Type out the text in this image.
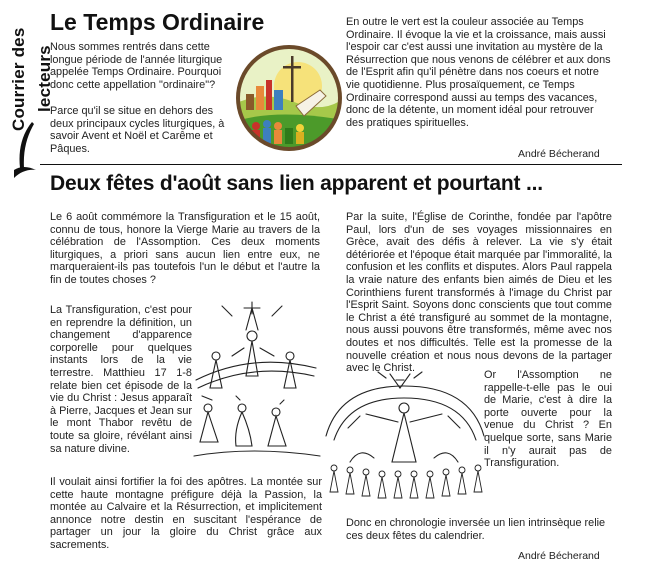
Courrier des lecteurs
Le Temps Ordinaire

Nous sommes rentrés dans cette longue période de l'année liturgique appelée Temps Ordinaire. Pourquoi donc cette appellation "ordinaire"?

Parce qu'il se situe en dehors des deux principaux cycles liturgiques, à savoir Avent et Noël et Carême et Pâques.

En outre le vert est la couleur associée au Temps Ordinaire. Il évoque la vie et la croissance, mais aussi l'espoir car c'est aussi une invitation au mystère de la Résurrection que nous venons de célébrer et aux dons de l'Esprit afin qu'il pénètre dans nos coeurs et notre vie quotidienne. Plus prosaïquement, ce Temps Ordinaire correspond aussi au temps des vacances, donc de la détente, un moment idéal pour retrouver des pratiques spirituelles.

André Bécherand
Deux fêtes d'août sans lien apparent et pourtant ...

Le 6 août commémore la Transfiguration et le 15 août, connu de tous, honore la Vierge Marie au travers de la célébration de l'Assomption. Ces deux moments liturgiques, a priori sans aucun lien entre eux, ne marqueraient-ils pas toutefois l'un le début et l'autre la fin de toutes choses ?

La Transfiguration, c'est pour en reprendre la définition, un changement d'apparence corporelle pour quelques instants lors de la vie terrestre. Matthieu 17 1-8 relate bien cet épisode de la vie du Christ : Jesus apparaît à Pierre, Jacques et Jean sur le mont Thabor revêtu de toute sa gloire, révélant ainsi sa nature divine.

Il voulait ainsi fortifier la foi des apôtres. La montée sur cette haute montagne préfigure déjà la Passion, la montée au Calvaire et la Résurrection, et implicitement annonce notre destin en suscitant l'espérance de partager un jour la gloire du Christ grâce aux sacrements.

Par la suite, l'Église de Corinthe, fondée par l'apôtre Paul, lors d'un de ses voyages missionnaires en Grèce, avait des défis à relever. La vie s'y était détériorée et l'époque était marquée par l'immoralité, la confusion et les conflits et disputes. Alors Paul rappela la vraie nature des enfants bien aimés de Dieu et les Corinthiens furent transformés à l'image du Christ par l'Esprit Saint. Soyons donc conscients que tout comme le Christ a été transfiguré au sommet de la montagne, nous aussi pouvons être transformés, même avec nos doutes et nos difficultés. Telle est la promesse de la nouvelle création et nous nous devons de la partager avec le Christ.

Or l'Assomption ne rappelle-t-elle pas le oui de Marie, c'est à dire la porte ouverte pour la venue du Christ ? En quelque sorte, sans Marie il n'y aurait pas de Transfiguration.

Donc en chronologie inversée un lien intrinsèque relie ces deux fêtes du calendrier.

André Bécherand
